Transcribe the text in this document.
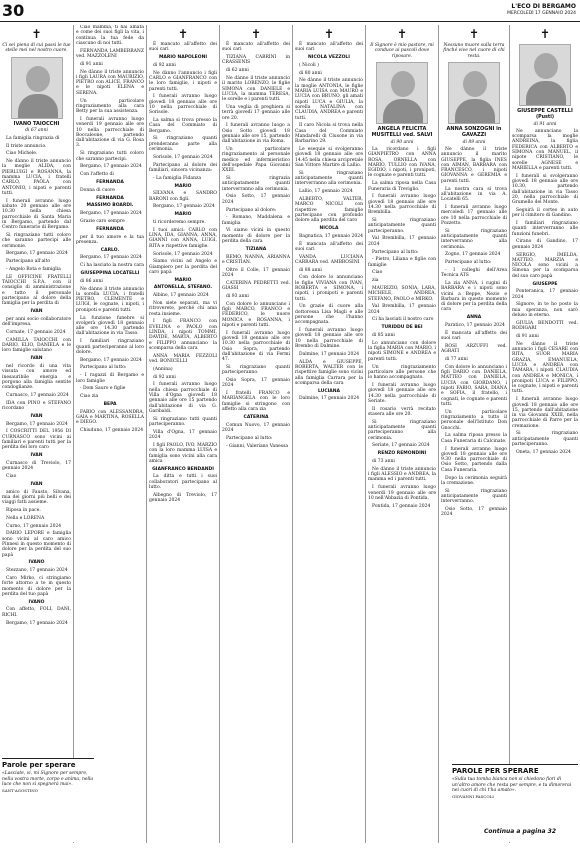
30	L'ECO DI BERGAMO
MERCOLEDÌ 17 GENNAIO 2024
✝
Ci sei piena di cui passi le tue stelle mei nel nostro cuore.
IVANO TAIOCCHI
di 67 anni

La famiglia ringrazia di

Il triste annuncio.

Ciao Michele.

Ne dànno il triste annuncio la moglie ALIDA, con PIERLUIGI e ROSANNA, la mamma LUCIA, i fratelli CARLO, PAOLA con ANTONIO, i nipoti e parenti tutti.

I funerali avranno luogo sabato 20 gennaio alle ore 10.30 nella chiesa parrocchiale di Santa Maria in Bergamo, partendo dal Centro funerario di Bergamo.

Si ringraziano tutti coloro che saranno partecipi alle cerimonie.

Bergamo, 17 gennaio 2024

Partecipano all'alto

- Angelo Rota e famiglia

LE OFFICINE FRATELLI TAIOCCHI S.P.A. con il consiglio di amministrazione e tutto il personale partecipano al dolore della famiglia per la perdita di

IVAN

per anni socio collaboratore dell'impresa.

Cornate, 17 gennaio 2024

CAMILLA TAIOCCHI con DARIO, ELIO, DANIELA e le loro famiglie salutano

IVAN

nel ricordo di una vita vissuta con amore ed inesauribile energia e porgono alla famiglia sentite condoglianze.

Curnasco, 17 gennaio 2024

IDA con PINO e STEFANO ricordano

IVAN

Bergamo, 17 gennaio 2024

I COSCRITTI DEL 1956 DI CURNASCO sono vicini ai familiari e parenti tutti per la perdita del loro caro

IVAN

Curnasco di Treviolo, 17 gennaio 2024

Ciao

IVAN

amico di Fausto, Silvana, mia dei giorni più belli e dei viaggi fatti assieme.

Riposa in pace.

Nella e LORENA

Curno, 17 gennaio 2024

DARIO LEPORE e famiglia sono vicini al caro amico Pinnesi in questo momento di dolore per la perdita del suo papà

IVANO

Stezzano, 17 gennaio 2024

Caro Mirko, ci stringiamo forte attorno a te in questo momento di dolore per la perdita del tuo papà

IVANO

Con affetto, FOLI, DANI, RICHI.

Bergamo, 17 gennaio 2024

Ciao mamma, ti hai amata e come dei suoi figli la vita, i continua la tua fede da ciascuno di noi tutti.

FERNANDA LAMBERRANZ ved. MAZZOLENI

di 91 anni

Ne dànno il triste annuncio i figli LAURA con MAURIZIO, PIETRO con ALICE, FRANCO e le nipoti ELENA e SERENA.

Un particolare ringraziamento alla cara Betty per la sua assistenza.

I funerali avranno luogo venerdì 19 gennaio alle ore 10 nella parrocchiale di Boccaleone, partendo dall'abitazione di via G. Rosa 3.

Si ringraziano tutti coloro che saranno partecipi.

Bergamo, 17 gennaio 2024

Con l'affetto di

FERNANDA

Donna di cuore

FERNANDA

MASSIMO BOARDI.

Bergamo, 17 gennaio 2024

Grazie caro sempre

FERNANDA

per il tuo amore e la tua presenza.

CARLO.

Bergamo, 17 gennaio 2024

Ci ha lasciato la nostra cara

GIUSEPPINA LOCATELLI

di 86 anni

Ne dànno il triste annuncio la sorella LUCIA, i fratelli PIETRO, CLEMENTE e LUIGI, le cognate, i nipoti, i pronipoti e parenti tutti.

La funzione funebre si svolgerà giovedì 18 gennaio alle ore 14.30 partendo dall'abitazione in via Tasso.

I familiari ringraziano quanti parteciperanno al loro dolore.

Bergamo, 17 gennaio 2024

Partecipano al lutto:

- I ragazzi di Bergamo e loro famiglie

- Dom Sauro e figlie

Ciao zia

BEPA

FABIO con ALESSANDRA, GAIA e MARTINA, ROSELLA e DIEGO.

Chiuduno, 17 gennaio 2024

✝

È mancato all'affetto dei suoi cari

MARIO NAPOLEONI

di 92 anni

Ne dànno l'annuncio i figli CARLO e GIANFRANCO con le loro famiglie, i nipoti e parenti tutti.

I funerali avranno luogo giovedì 18 gennaio alle ore 10 nella parrocchiale di Sorisole.

La salma si trova presso la Casa del Commiato di Bergamo.

Si ringraziano quanti prenderanno parte alla cerimonia.

Sorisole, 17 gennaio 2024

Partecipano al dolore dei familiari, sincera vicinanza:

- La famiglia Fidanza

MARIO

SILVANA e SANDRO BARONI con figli.

Bergamo, 17 gennaio 2024

MARIO

ti ricorderemo sempre.

I tuoi amici: CARLO con LINA, IDA, GIANNA, ANNA, GIANNI con ANNA, LUIGI, RITA e rispettive famiglie.

Sorisole, 17 gennaio 2024

Siamo vicini ad Angelo e Giampiero per la perdita del caro papà

MARIO

ANTONELLA, STEFANO.

Albino, 17 gennaio 2024

Non siete separati, ma vi ritroverete, perché chi ama resta insieme.

I figli FRANCO con EVELINA e PAOLO con LINDA, i nipoti TOMMI, DAVIDE, MARTA, ALBERTO e FILIPPO annunciano la scomparsa della cara

ANNA MARIA FEZZOLI ved. BONICELLI

(Annina)

di 92 anni

I funerali avranno luogo nella chiesa parrocchiale di Villa d'Ogna giovedì 18 gennaio alle ore 15 partendo dall'abitazione di via G. Garibaldi.

Si ringraziano tutti quanti parteciperanno.

Villa d'Ogna, 17 gennaio 2024

I figli PAOLO, IVO, MARZIO con la loro mamma LUISA e famiglia sono vicini alla cara amica

GIANFRANCO BENDANDI

La ditta e tutti i suoi collaboratori partecipano al lutto.

Albegno di Treviolo, 17 gennaio 2024

✝

È mancato all'affetto dei suoi cari

TIZIANA CABRINI in CRASSENIS

di 62 anni

Ne dànno il triste annuncio il marito LORENZO, le figlie SIMONA con DANIELE e LUCIA, la mamma TERESA, le sorelle e i parenti tutti.

Una veglia di preghiera si terrà giovedì 17 gennaio alle ore 20.

I funerali avranno luogo a Osio Sotto giovedì 18 gennaio alle ore 15, partendo dall'abitazione in via Roma.

Un particolare ringraziamento al personale medico ed infermieristico dell'ospedale Papa Giovanni XXIII.

Si ringrazia anticipatamente quanti interverranno alla cerimonia.

Osio Sotto, 17 gennaio 2024

Partecipano al dolore:

- Romano, Maddalena e famiglia

Vi siamo vicini in questo momento di dolore per la perdita della cara

TIZIANA

REMO, NANNA, ARIANNA e CRISTIAN.

Oltre il Colle, 17 gennaio 2024

CATERINA PEDRETTI ved. GIASSI

di 93 anni

Con dolore lo annunciano i figli MARCO, FRANCO e FEDERICO, le nuore MONICA e ROSANNA, i nipoti e parenti tutti.

I funerali avranno luogo giovedì 18 gennaio alle ore 10.30 nella parrocchiale di Osio Sopra, partendo dall'abitazione di via Fermi 47.

Si ringraziano quanti parteciperanno.

Osio Sopra, 17 gennaio 2024

I fratelli FRANCO e MARIANGELA con le loro famiglie si stringono con affetto alla cara zia

CATERINA

Comun Nuovo, 17 gennaio 2024

Partecipano al lutto:

- Gianni, Valeriano Vanessa

✝

È mancato all'affetto dei suoi cari

NICOLA VEZZOLI

( Nicoli )

di 80 anni

Ne dànno il triste annuncio la moglie ANTONIA, le figlie MARIA LUISA con MAURO e LUCIA con BRUNO, gli amati nipoti LUCA e GIULIA, la sorella NATALINA con CLAUDIA, ANDREA e parenti tutti.

Il caro Nicola si trova nella Casa del Commiato Mandarelli di Clusone in via Barbarino 29.

Le esequie si svolgeranno giovedì 18 gennaio alle ore 14.45 nella chiesa arcipretale San Vittore Martire di Lallio.

Si ringraziano anticipatamente quanti interverranno alla cerimonia.

Lallio, 17 gennaio 2024

ALBERTO, VALTER, MARCO NICOLI con rispettive famiglie partecipano con profondo dolore alla perdita del caro

NICOLA

Bagnatica, 17 gennaio 2024

È mancata all'affetto dei suoi cari

VANDA LUCIANA CARRARA ved. AMBROSINI

di 88 anni

Con dolore lo annunciano le figlie VIVIANA con IVAN, ROBERTA e SIMONA, i nipoti, i pronipoti e parenti tutti.

Un grazie di cuore alla dottoressa Lisa Magli e alle persone che l'hanno accompagnata.

I funerali avranno luogo giovedì 18 gennaio alle ore 10 nella parrocchiale di Brembo di Dalmine.

Dalmine, 17 gennaio 2024

ALDA e GIUSEPPE, ROBERTA, WALTER con le rispettive famiglie sono vicini alla famiglia Carrara per la scomparsa della cara

LUCIANA

Dalmine, 17 gennaio 2024

✝
Il Signore è mio pastore, mi conduce ai pascoli dove riposare.
ANGELA FELICITA MUSITELLI ved. SALVI
di 90 anni

La ricordano i figli GIANPIETRO con ANNA ROSA, ORNELLA con MARIO, TULLIO con IVANA, EGIDIO, i nipoti, i pronipoti, le cognate e parenti tutti.

La salma riposa nella Casa Funeraria di Treviglio.

I funerali avranno luogo giovedì 18 gennaio alle ore 14.30 nella parrocchiale di Brembilla.

Si ringraziano anticipatamente quanti parteciperanno.

Val Brembilla, 17 gennaio 2024

Partecipano al lutto:

- Pietro, Liliana e figlie con famiglie

Ciao

zia

MAURIZIO, SONIA, LARA, MICHELE, ANDREA, STEFANO, PAOLO e MIRKO.

Val Brembilla, 17 gennaio 2024

Ci ha lasciati il nostro caro

TURIDDU DE BEI

di 85 anni

Lo annunciano con dolore la figlia MARIA con MARIO, i nipoti SIMONE e ANDREA e parenti tutti.

Un ringraziamento particolare alle persone che lo hanno accompagnato.

I funerali avranno luogo giovedì 18 gennaio alle ore 14.30 nella parrocchiale di Seriate.

Il rosario verrà recitato stasera alle ore 20.

Si ringraziano anticipatamente quanti parteciperanno alla cerimonia.

Seriate, 17 gennaio 2024

RENZO REMONDINI

di 73 anni

Ne dànno il triste annuncio i figli ALESSIO e ANDREA, la mamma ed i parenti tutti.

I funerali avranno luogo venerdì 19 gennaio alle ore 10 nell'Abbazia di Pontida.

Pontida, 17 gennaio 2024

✝
Nessuno muore sulla terra finché vive nel cuore di chi resta.
ANNA SONZOGNI in GAVAZZI
di 89 anni

Ne dànno il triste annuncio il marito GIUSEPPE, la figlia INES con AIMAN, BARBARA con FRANCESCO, i nipoti GIOVANNA e GEREMIA e parenti tutti.

La nostra cara si trova all'abitazione in via A. Locatelli 65.

I funerali avranno luogo mercoledì 17 gennaio alle ore 10 nella parrocchiale di Pozzetto.

Si ringraziano anticipatamente quanti interverranno alla cerimonia.

Zogno, 17 gennaio 2024

Partecipano al lutto:

- I colleghi dell'Area Tecnica ATS

La zia ANNA, i cugini di BARBARA e i nipoti sono vicini a Beppe, Nezio e Barbara in questo momento di dolore per la perdita della cara

ANNA

Paratico, 17 gennaio 2024

È mancata all'affetto dei suoi cari

ROSI ARZUFFI ved. AGRATI

di 77 anni

Con dolore lo annunciano i figli DARIO con DANIELA, MATTEO con DANIELA, LUCIA con GIORDANO, i nipoti FABIO, SARA, DIANA e SOFIA, il fratello, i cognati, le cognate e parenti tutti.

Un particolare ringraziamento a tutto il personale dell'Istituto Don Gnocchi.

La salma riposa presso la Casa Funeraria di Calcinate.

I funerali avranno luogo giovedì 18 gennaio alle ore 9.30 nella parrocchiale di Osio Sotto, partendo dalla Casa Funeraria.

Dopo la cerimonia seguirà la cremazione.

Si ringraziano anticipatamente quanti interverranno.

Osio Sotto, 17 gennaio 2024

✝
GIUSEPPE CASTELLI
(Pusti)
di 91 anni

Ne annunciano la scomparsa la moglie ANDREINA, la figlia FEDERICA con ALBERTO e SIMONA con MANUEL, il nipote CRISTIANO, le sorelle AGNESE e MARIELLA e parenti tutti.

I funerali si svolgeranno giovedì 18 gennaio alle ore 10.30, partendo dall'abitazione in via Tasso 20, nella parrocchiale di Grumello del Monte.

Seguirà il corteo in auto per il cimitero di Gandino.

I familiari ringraziano quanti interverranno alle funzioni funebri.

Cirano di Gandino, 17 gennaio 2024

SERGIO, IMELDA, MATTEO, MARZIA e NICOLA sono vicini a Simona per la scomparsa del suo caro papà

GIUSEPPE

Ponteranica, 17 gennaio 2024

Signore, in te ho posto la mia speranza, non sarò deluso in eterno.

GIULIA BENDOTTI ved. RODIGARI

di 91 anni

Ne dànno il triste annuncio i figli CESARE con RITA, SUOR MARIA GRAZIA, EMANUELA, LUCIA e ANDREA con TAMARA, i nipoti CLAUDIA con ANDREA e MONICA, i pronipoti LUCA e FILIPPO, le cognate, i nipoti e parenti tutti.

I funerali avranno luogo giovedì 18 gennaio alle ore 15, partendo dall'abitazione in via Giovanni XXIII, nella parrocchiale di Parre per la cremazione.

Si ringraziano anticipatamente quanti parteciperanno.

Oneta, 17 gennaio 2024

Parole per sperare
«Lasciate, vi, mi Signore per sempre, nella vostra morte, corpo e anima, nella luce che non si spegnerà mai».
SANT'AGOSTINO
PAROLE PER SPERARE
«Sulla tua tomba bianca non si chiedono fiori di un'altro amore che resta per sempre, e tu dimorerai nei cuori di chi t'ha amato».
GIOVANNI PASCOLI
Continua a pagina 32
